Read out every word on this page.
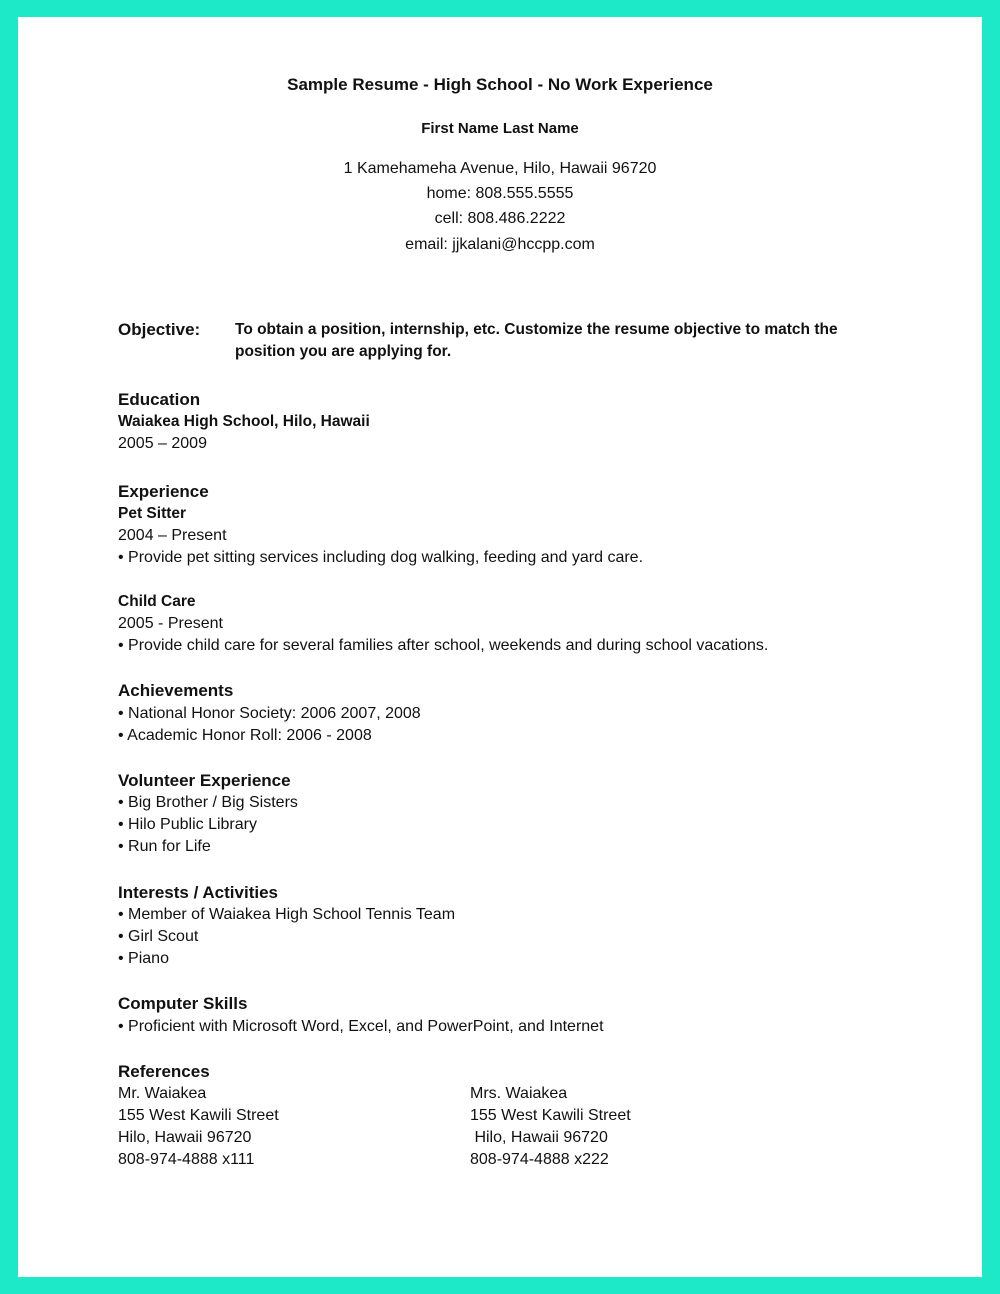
Sample Resume - High School - No Work Experience
First Name Last Name
1 Kamehameha Avenue, Hilo, Hawaii 96720
home: 808.555.5555
cell: 808.486.2222
email: jjkalani@hccpp.com
Objective: To obtain a position, internship, etc. Customize the resume objective to match the
position you are applying for.
Education
Waiakea High School, Hilo, Hawaii
2005 – 2009
Experience
Pet Sitter
2004 – Present
• Provide pet sitting services including dog walking, feeding and yard care.
Child Care
2005 - Present
• Provide child care for several families after school, weekends and during school vacations.
Achievements
• National Honor Society: 2006 2007, 2008
• Academic Honor Roll: 2006 - 2008
Volunteer Experience
• Big Brother / Big Sisters
• Hilo Public Library
• Run for Life
Interests / Activities
• Member of Waiakea High School Tennis Team
• Girl Scout
• Piano
Computer Skills
• Proficient with Microsoft Word, Excel, and PowerPoint, and Internet
References
Mr. Waiakea
155 West Kawili Street
Hilo, Hawaii 96720
808-974-4888 x111
Mrs. Waiakea
155 West Kawili Street
Hilo, Hawaii 96720
808-974-4888 x222
